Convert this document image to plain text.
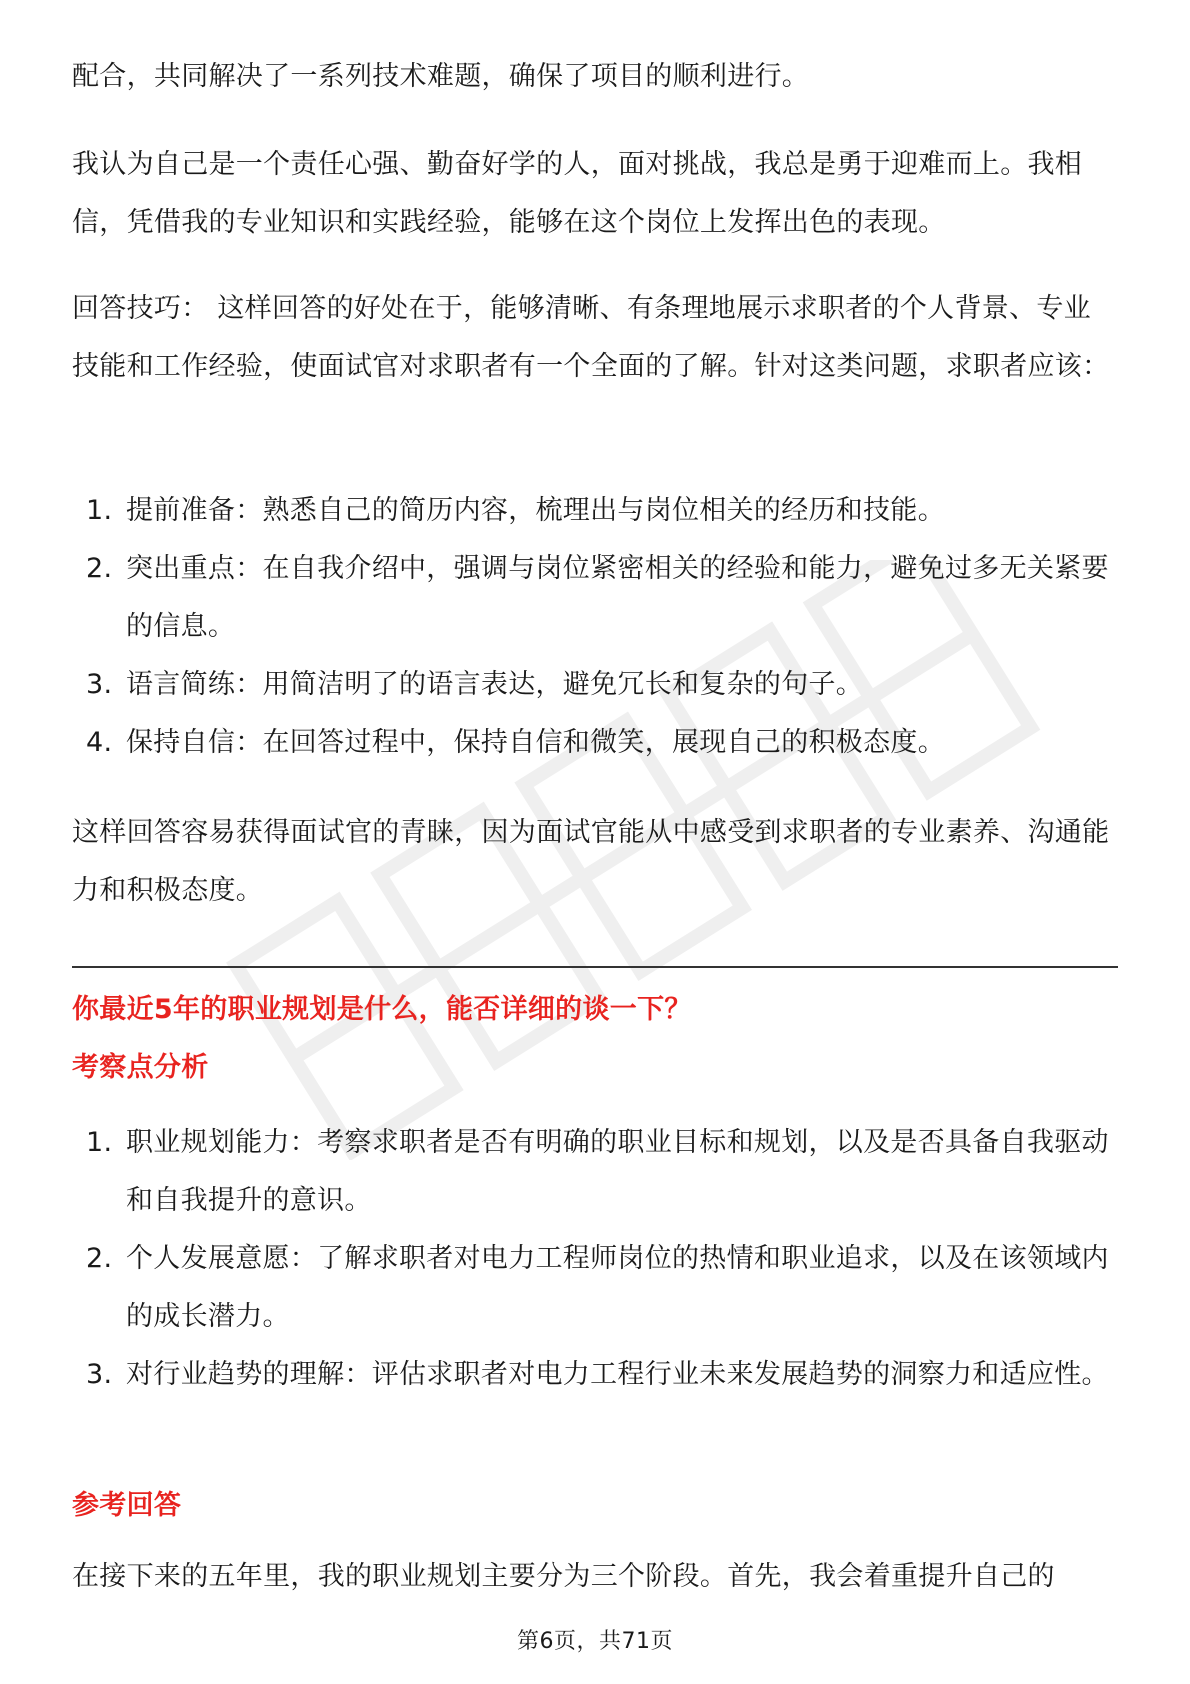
配合，共同解决了一系列技术难题，确保了项目的顺利进行。

我认为自己是一个责任心强、勤奋好学的人，面对挑战，我总是勇于迎难而上。我相信，凭借我的专业知识和实践经验，能够在这个岗位上发挥出色的表现。

回答技巧： 这样回答的好处在于，能够清晰、有条理地展示求职者的个人背景、专业技能和工作经验，使面试官对求职者有一个全面的了解。针对这类问题，求职者应该：

1. 提前准备：熟悉自己的简历内容，梳理出与岗位相关的经历和技能。
2. 突出重点：在自我介绍中，强调与岗位紧密相关的经验和能力，避免过多无关紧要的信息。
3. 语言简练：用简洁明了的语言表达，避免冗长和复杂的句子。
4. 保持自信：在回答过程中，保持自信和微笑，展现自己的积极态度。

这样回答容易获得面试官的青睐，因为面试官能从中感受到求职者的专业素养、沟通能力和积极态度。

你最近5年的职业规划是什么，能否详细的谈一下？
考察点分析
1. 职业规划能力：考察求职者是否有明确的职业目标和规划，以及是否具备自我驱动和自我提升的意识。
2. 个人发展意愿：了解求职者对电力工程师岗位的热情和职业追求，以及在该领域内的成长潜力。
3. 对行业趋势的理解：评估求职者对电力工程行业未来发展趋势的洞察力和适应性。
参考回答

在接下来的五年里，我的职业规划主要分为三个阶段。首先，我会着重提升自己的

第6页，共71页
